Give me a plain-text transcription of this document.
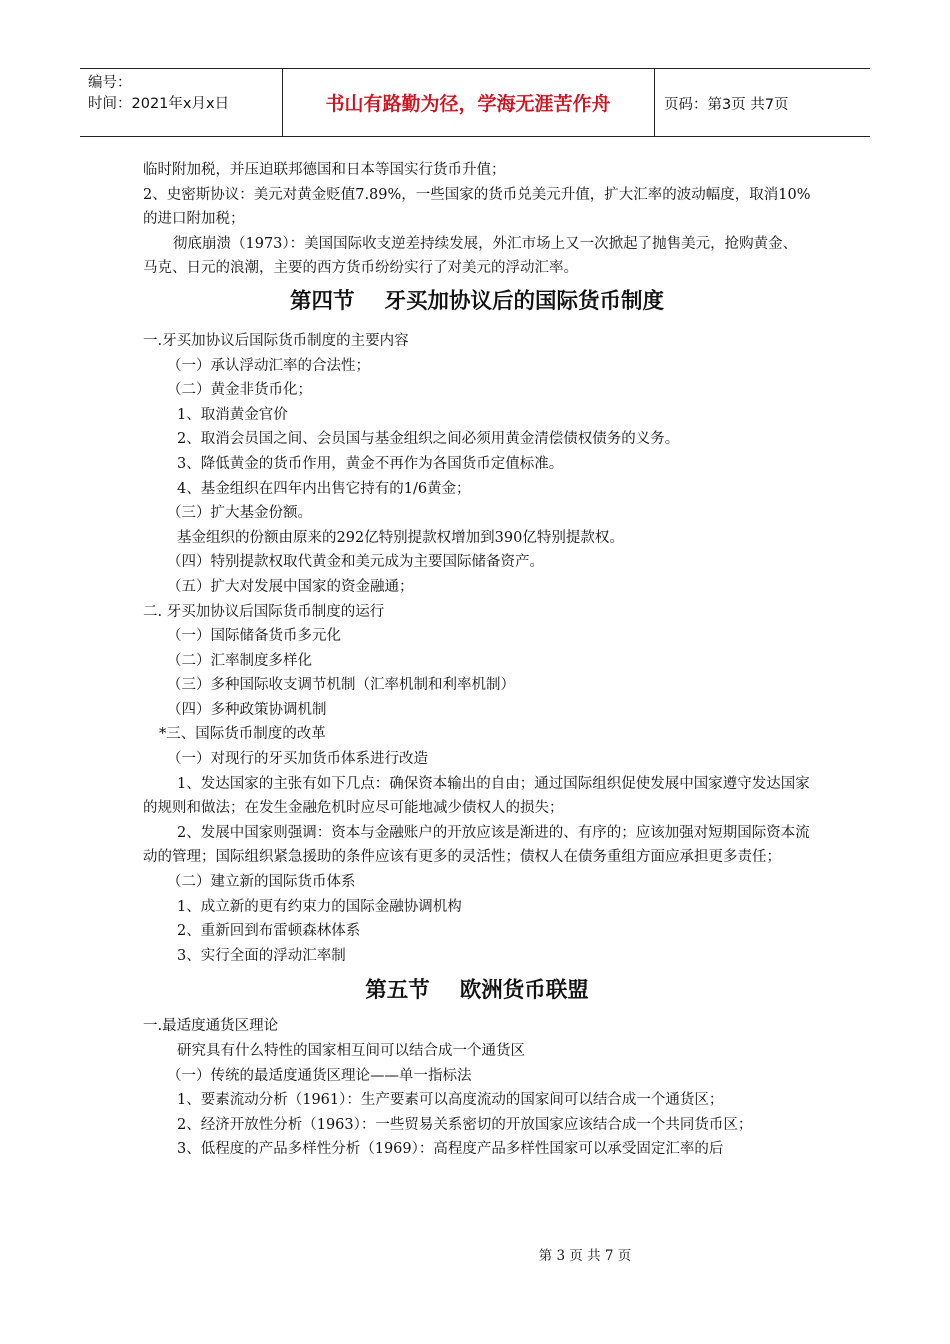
编号：
时间：2021年x月x日	书山有路勤为径，学海无涯苦作舟	页码：第3页 共7页

临时附加税，并压迫联邦德国和日本等国实行货币升值；

2、史密斯协议：美元对黄金贬值7.89%，一些国家的货币兑美元升值，扩大汇率的波动幅度，取消10%的进口附加税；

彻底崩溃（1973）：美国国际收支逆差持续发展，外汇市场上又一次掀起了抛售美元，抢购黄金、马克、日元的浪潮，主要的西方货币纷纷实行了对美元的浮动汇率。

第四节    牙买加协议后的国际货币制度

一.牙买加协议后国际货币制度的主要内容

（一）承认浮动汇率的合法性；

（二）黄金非货币化；

1、取消黄金官价

2、取消会员国之间、会员国与基金组织之间必须用黄金清偿债权债务的义务。

3、降低黄金的货币作用，黄金不再作为各国货币定值标准。

4、基金组织在四年内出售它持有的1/6黄金；

（三）扩大基金份额。

基金组织的份额由原来的292亿特别提款权增加到390亿特别提款权。

（四）特别提款权取代黄金和美元成为主要国际储备资产。

（五）扩大对发展中国家的资金融通；

二. 牙买加协议后国际货币制度的运行

（一）国际储备货币多元化

（二）汇率制度多样化

（三）多种国际收支调节机制（汇率机制和利率机制）

（四）多种政策协调机制

*三、国际货币制度的改革

（一）对现行的牙买加货币体系进行改造

1、发达国家的主张有如下几点：确保资本输出的自由；通过国际组织促使发展中国家遵守发达国家的规则和做法；在发生金融危机时应尽可能地减少债权人的损失；

2、发展中国家则强调：资本与金融账户的开放应该是渐进的、有序的；应该加强对短期国际资本流动的管理；国际组织紧急援助的条件应该有更多的灵活性；债权人在债务重组方面应承担更多责任；

（二）建立新的国际货币体系

1、成立新的更有约束力的国际金融协调机构

2、重新回到布雷顿森林体系

3、实行全面的浮动汇率制

第五节    欧洲货币联盟

一.最适度通货区理论

研究具有什么特性的国家相互间可以结合成一个通货区

（一）传统的最适度通货区理论——单一指标法

1、要素流动分析（1961）：生产要素可以高度流动的国家间可以结合成一个通货区；

2、经济开放性分析（1963）：一些贸易关系密切的开放国家应该结合成一个共同货币区；

3、低程度的产品多样性分析（1969）：高程度产品多样性国家可以承受固定汇率的后

第 3 页 共 7 页
